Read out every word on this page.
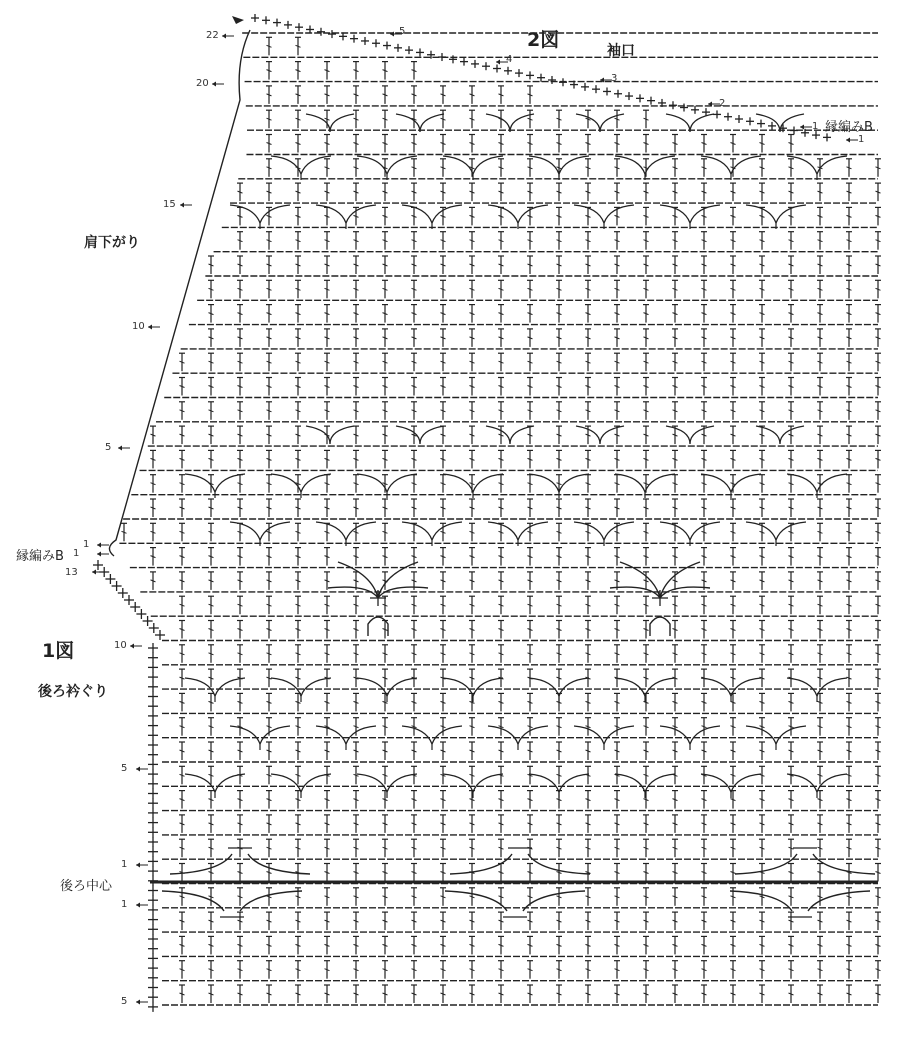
2図	袖口
縁編みB
肩下がり
縁編みB
1図
後ろ衿ぐり
後ろ中心
22
20
15
10
5
1
13
10
5
1
1
5
5
4
3
2
1
1
1
